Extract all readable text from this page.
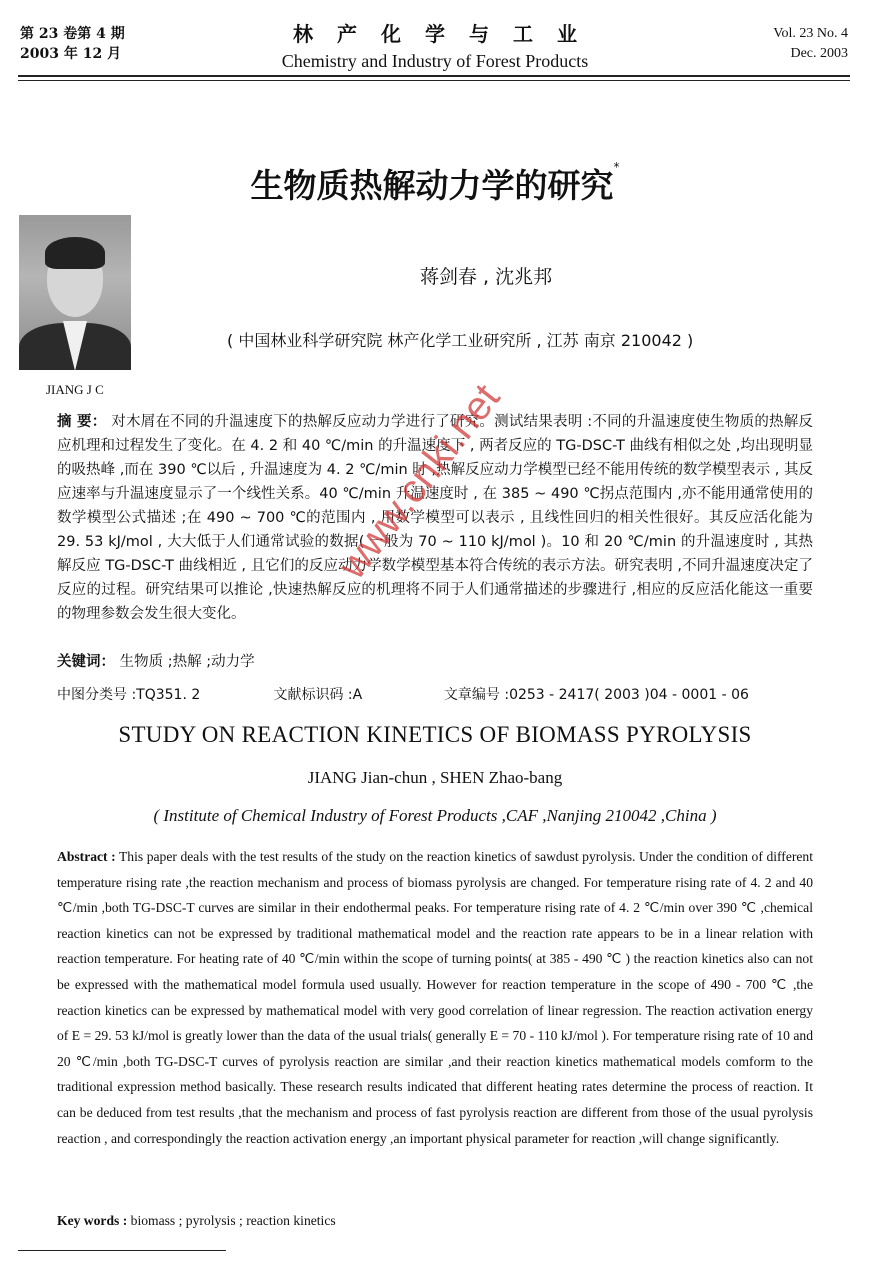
第 23 卷第 4 期
2003 年 12 月
林产化学与工业
Chemistry and Industry of Forest Products
Vol. 23 No. 4
Dec. 2003
生物质热解动力学的研究*
JIANG J C
蒋剑春 , 沈兆邦
( 中国林业科学研究院 林产化学工业研究所 , 江苏 南京 210042 )
摘 要： 对木屑在不同的升温速度下的热解反应动力学进行了研究。测试结果表明 :不同的升温速度使生物质的热解反应机理和过程发生了变化。在 4. 2 和 40 ℃/min 的升温速度下 , 两者反应的 TG-DSC-T 曲线有相似之处 ,均出现明显的吸热峰 ,而在 390 ℃以后 , 升温速度为 4. 2 ℃/min 时 ,热解反应动力学模型已经不能用传统的数学模型表示 , 其反应速率与升温速度显示了一个线性关系。40 ℃/min 升温速度时 , 在 385 ~ 490 ℃拐点范围内 ,亦不能用通常使用的数学模型公式描述 ;在 490 ~ 700 ℃的范围内 , 用数学模型可以表示 , 且线性回归的相关性很好。其反应活化能为 29. 53 kJ/mol , 大大低于人们通常试验的数据( 一般为 70 ~ 110 kJ/mol )。10 和 20 ℃/min 的升温速度时 , 其热解反应 TG-DSC-T 曲线相近 , 且它们的反应动力学数学模型基本符合传统的表示方法。研究表明 ,不同升温速度决定了反应的过程。研究结果可以推论 ,快速热解反应的机理将不同于人们通常描述的步骤进行 ,相应的反应活化能这一重要的物理参数会发生很大变化。
关键词： 生物质 ;热解 ;动力学
中图分类号 :TQ351. 2	文献标识码 :A	文章编号 :0253 - 2417( 2003 )04 - 0001 - 06
STUDY ON REACTION KINETICS OF BIOMASS PYROLYSIS
JIANG Jian-chun , SHEN Zhao-bang
( Institute of Chemical Industry of Forest Products ,CAF ,Nanjing 210042 ,China )
Abstract : This paper deals with the test results of the study on the reaction kinetics of sawdust pyrolysis. Under the condition of different temperature rising rate ,the reaction mechanism and process of biomass pyrolysis are changed. For temperature rising rate of 4. 2 and 40 ℃/min ,both TG-DSC-T curves are similar in their endothermal peaks. For temperature rising rate of 4. 2 ℃/min over 390 ℃ ,chemical reaction kinetics can not be expressed by traditional mathematical model and the reaction rate appears to be in a linear relation with reaction temperature. For heating rate of 40 ℃/min within the scope of turning points( at 385 - 490 ℃ ) the reaction kinetics also can not be expressed with the mathematical model formula used usually. However for reaction temperature in the scope of 490 - 700 ℃ ,the reaction kinetics can be expressed by mathematical model with very good correlation of linear regression. The reaction activation energy of E = 29. 53 kJ/mol is greatly lower than the data of the usual trials( generally E = 70 - 110 kJ/mol ). For temperature rising rate of 10 and 20 ℃/min ,both TG-DSC-T curves of pyrolysis reaction are similar ,and their reaction kinetics mathematical models comform to the traditional expression method basically. These research results indicated that different heating rates determine the process of reaction. It can be deduced from test results ,that the mechanism and process of fast pyrolysis reaction are different from those of the usual pyrolysis reaction , and correspondingly the reaction activation energy ,an important physical parameter for reaction ,will change significantly.
Key words : biomass ; pyrolysis ; reaction kinetics
www.cnki.net
